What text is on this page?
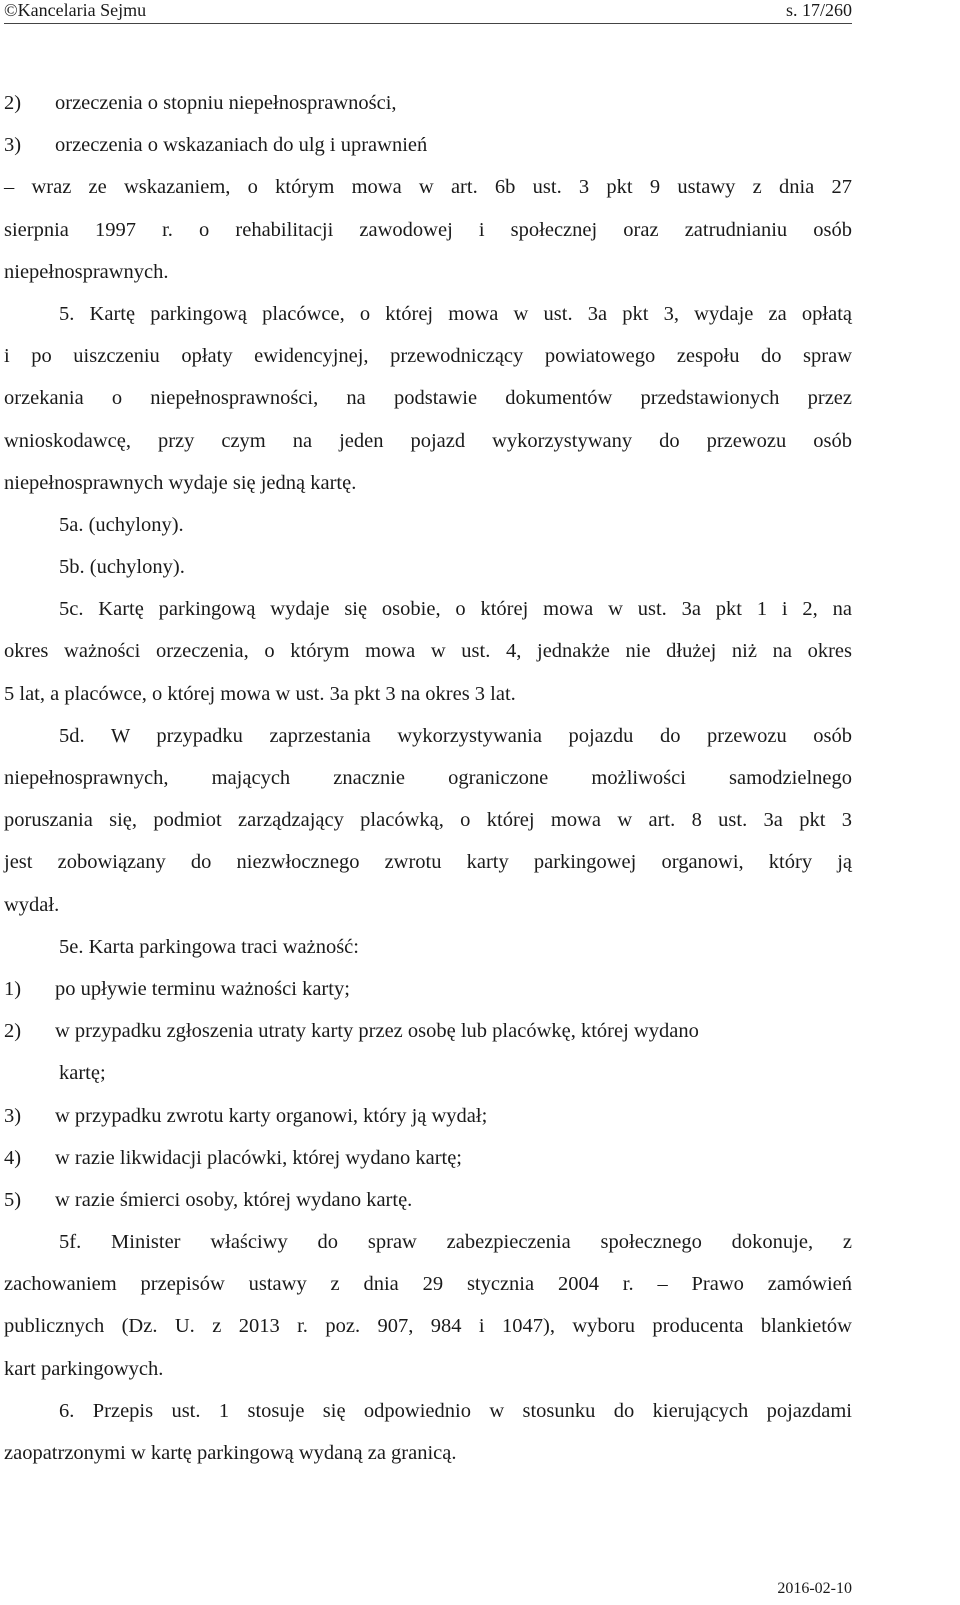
©Kancelaria Sejmu	s. 17/260
2) orzeczenia o stopniu niepełnosprawności,
3) orzeczenia o wskazaniach do ulg i uprawnień
– wraz ze wskazaniem, o którym mowa w art. 6b ust. 3 pkt 9 ustawy z dnia 27
sierpnia 1997 r. o rehabilitacji zawodowej i społecznej oraz zatrudnianiu osób
niepełnosprawnych.
5. Kartę parkingową placówce, o której mowa w ust. 3a pkt 3, wydaje za opłatą
i po uiszczeniu opłaty ewidencyjnej, przewodniczący powiatowego zespołu do spraw
orzekania o niepełnosprawności, na podstawie dokumentów przedstawionych przez
wnioskodawcę, przy czym na jeden pojazd wykorzystywany do przewozu osób
niepełnosprawnych wydaje się jedną kartę.
5a. (uchylony).
5b. (uchylony).
5c. Kartę parkingową wydaje się osobie, o której mowa w ust. 3a pkt 1 i 2, na
okres ważności orzeczenia, o którym mowa w ust. 4, jednakże nie dłużej niż na okres
5 lat, a placówce, o której mowa w ust. 3a pkt 3 na okres 3 lat.
5d. W przypadku zaprzestania wykorzystywania pojazdu do przewozu osób
niepełnosprawnych, mających znacznie ograniczone możliwości samodzielnego
poruszania się, podmiot zarządzający placówką, o której mowa w art. 8 ust. 3a pkt 3
jest zobowiązany do niezwłocznego zwrotu karty parkingowej organowi, który ją
wydał.
5e. Karta parkingowa traci ważność:
1) po upływie terminu ważności karty;
2) w przypadku zgłoszenia utraty karty przez osobę lub placówkę, której wydano
kartę;
3) w przypadku zwrotu karty organowi, który ją wydał;
4) w razie likwidacji placówki, której wydano kartę;
5) w razie śmierci osoby, której wydano kartę.
5f. Minister właściwy do spraw zabezpieczenia społecznego dokonuje, z
zachowaniem przepisów ustawy z dnia 29 stycznia 2004 r. – Prawo zamówień
publicznych (Dz. U. z 2013 r. poz. 907, 984 i 1047), wyboru producenta blankietów
kart parkingowych.
6. Przepis ust. 1 stosuje się odpowiednio w stosunku do kierujących pojazdami
zaopatrzonymi w kartę parkingową wydaną za granicą.
2016-02-10
